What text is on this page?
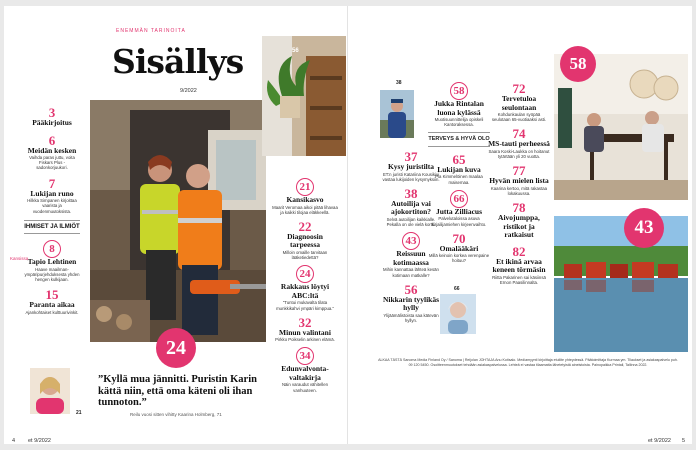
ENEMMÄN TARINOITA
Sisällys
9/2022
3
Pääkirjoitus
6
Meidän kesken
Vaihda paras juttu, voita Fiskars Plus -sadonkorjuukori.
7
Lukijan runo
Hilkka Simpanen kirjoittaa vaarista ja vuodenmuutoksista.
IHMISET JA ILMIÖT
8
Tapio Lehtinen
Haave maailman-ympäripurjehduksesta yhden hengen kulkijaan.
15
Paranta aikaa
Ajankohtaiset kulttuurivinkit.
Kansissa
56
21
Kansikasvo
Maarit Veromaa aikoi pitää lihavaa ja kaikki tilojaa eläkkeellä.
22
Diagnoosin tarpeessa
Milloin omaille tarvitaan lääketiedettä?
24
Rakkaus löytyi ABC:ltä
”Tuntui mukavalta tilata munkkikahvi ympäri kimppua.”
32
Minun valintani
Pirkko Poikselin arkinen elämä.
34
Edunvalvonta-valtakirja
Näin varaudut vähitellen vanhuuteen.
24
”Kyllä mua jännitti. Puristin Karin kättä niin, että oma käteni oli ihan tunnoton.”
Reilu vuosi sitten vihitty Kaarina Holmberg, 71
21
4 et 9/2022
38
37
Kysy juristilta
ET:n juristi Katariina Kousikivi vastaa lukijoiden kysymyksiin.
38
Autoilija vai ajokortiton?
Selvä autoilijan kaikkialle. Pekalla on ole vielä kortti.
43
Reissuun kotimaassa
Mihin kannattaa lähteä kesän kotimaan matkalle?
56
Nikkarin tyylikäs hylly
Ylijäämälistoista saa kätevän hyllyn.
58
Jukka Rintalan luona kylässä
Muotisuunnittelija opiskeli Kantoraksessa.
TERVEYS & HYVÄ OLO
65
Lukijan kuva
Pia Kimmelöinen maalaa maisemaa.
66
Jutta Zilliacus
Palvelutaloissa asuva kirjailijamiehen kirjeenvaihto.
70
Omalääkäri
Millä keinoin korkea verenpaine hoituu?
66
72
Tervetuloa seulontaan
Kohdunkaulan syöpää seulotaan 65-vuotiaaksi asti.
74
MS-tauti perheessä
Saara Koski-Laukka on hoitanut tytärtään yli 20 vuotta.
77
Hyvän mielen lista
Kaarina kertoo, mitä rakastaa lokakuussa.
78
Aivojumppa, ristikot ja ratkaisut
82
Et ikinä arvaa keneen törmäsin
Riitta Pakarinen sai käsiinsä Ernon Paasilinnalta.
58
43
ALKAA TÄSTÄ Sanoma Media Finland Oy / Sanoma | Reijolan JOHTAJA Anu Kotisalo. Mediamyynti kirjoittaja etuliite yhteydessä. Päätoimittaja Kurmaa ym. Tilaukset ja asiakaspalvelu puh. 09 120 5450. Osoitteenmuutokset tehdään asiakaspalvelussa. Lehteä ei vastaa tilaamatta lähetetyistä aineistoista. Painopaikka Printall, Tallinna 2022.
et 9/2022 5
